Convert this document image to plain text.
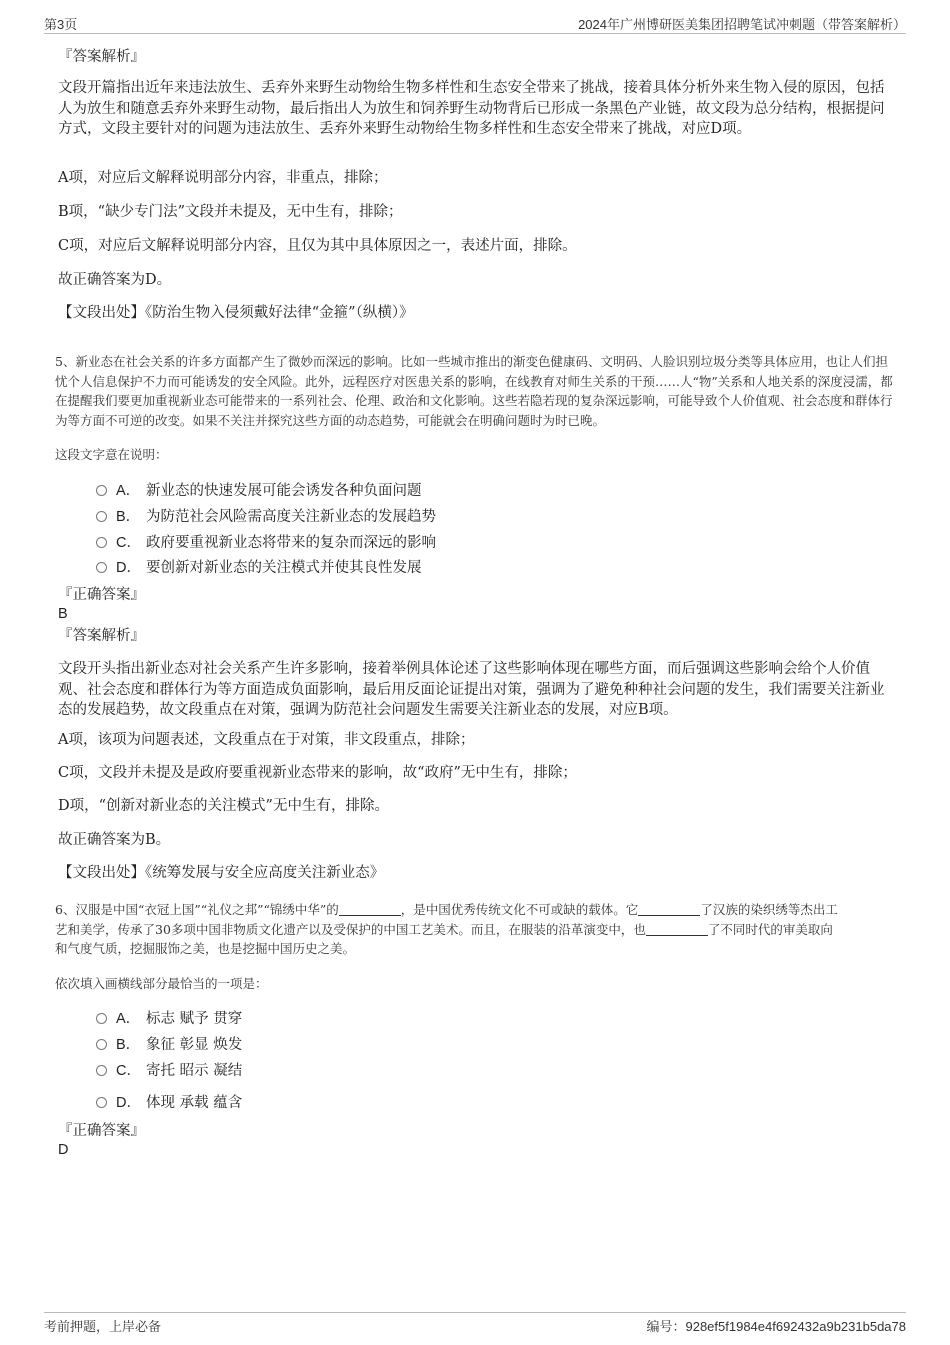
第3页	2024年广州博研医美集团招聘笔试冲刺题（带答案解析）
『答案解析』
文段开篇指出近年来违法放生、丢弃外来野生动物给生物多样性和生态安全带来了挑战，接着具体分析外来生物入侵的原因，包括人为放生和随意丢弃外来野生动物，最后指出人为放生和饲养野生动物背后已形成一条黑色产业链，故文段为总分结构，根据提问方式，文段主要针对的问题为违法放生、丢弃外来野生动物给生物多样性和生态安全带来了挑战，对应D项。
A项，对应后文解释说明部分内容，非重点，排除；
B项，“缺少专门法”文段并未提及，无中生有，排除；
C项，对应后文解释说明部分内容，且仅为其中具体原因之一，表述片面，排除。
故正确答案为D。
【文段出处】《防治生物入侵须戴好法律“金箍”（纵横）》
5、新业态在社会关系的许多方面都产生了微妙而深远的影响。比如一些城市推出的渐变色健康码、文明码、人脸识别垃圾分类等具体应用，也让人们担忧个人信息保护不力而可能诱发的安全风险。此外，远程医疗对医患关系的影响，在线教育对师生关系的干预……人“物”关系和人地关系的深度浸濡，都在提醒我们要更加重视新业态可能带来的一系列社会、伦理、政治和文化影响。这些若隐若现的复杂深远影响，可能导致个人价值观、社会态度和群体行为等方面不可逆的改变。如果不关注并探究这些方面的动态趋势，可能就会在明确问题时为时已晚。
这段文字意在说明：
A． 新业态的快速发展可能会诱发各种负面问题
B． 为防范社会风险需高度关注新业态的发展趋势
C． 政府要重视新业态将带来的复杂而深远的影响
D． 要创新对新业态的关注模式并使其良性发展
『正确答案』
B
『答案解析』
文段开头指出新业态对社会关系产生许多影响，接着举例具体论述了这些影响体现在哪些方面，而后强调这些影响会给个人价值观、社会态度和群体行为等方面造成负面影响，最后用反面论证提出对策，强调为了避免种种社会问题的发生，我们需要关注新业态的发展趋势，故文段重点在对策，强调为防范社会问题发生需要关注新业态的发展，对应B项。
A项，该项为问题表述，文段重点在于对策，非文段重点，排除；
C项，文段并未提及是政府要重视新业态带来的影响，故“政府”无中生有，排除；
D项，“创新对新业态的关注模式”无中生有，排除。
故正确答案为B。
【文段出处】《统筹发展与安全应高度关注新业态》
6、汉服是中国“衣冠上国”“礼仪之邦”“锦绣中华”的	，是中国优秀传统文化不可或缺的载体。它	了汉族的染织绣等杰出工
艺和美学，传承了30多项中国非物质文化遗产以及受保护的中国工艺美术。而且，在服装的沿革演变中，也	了不同时代的审美取向
和气度气质，挖掘服饰之美，也是挖掘中国历史之美。
依次填入画横线部分最恰当的一项是：
A． 标志 赋予 贯穿
B． 象征 彰显 焕发
C． 寄托 昭示 凝结
D． 体现 承载 蕴含
『正确答案』
D
考前押题，上岸必备	编号：928ef5f1984e4f692432a9b231b5da78
